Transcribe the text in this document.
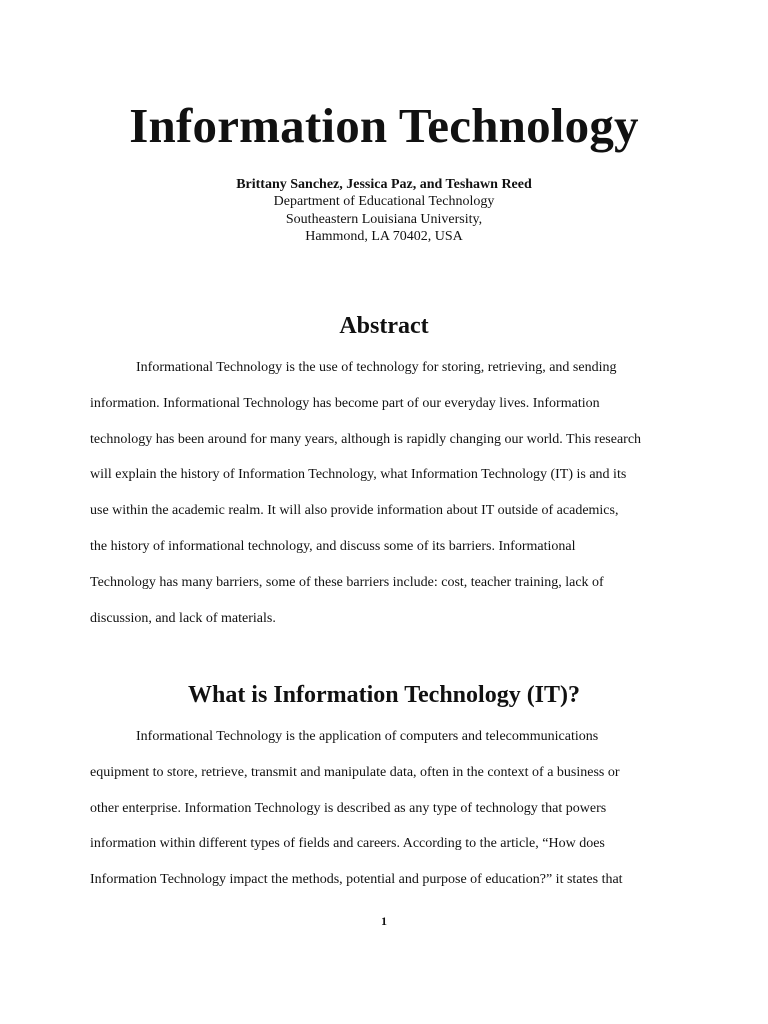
Information Technology
Brittany Sanchez, Jessica Paz, and Teshawn Reed
Department of Educational Technology
Southeastern Louisiana University,
Hammond, LA 70402, USA
Abstract
Informational Technology is the use of technology for storing, retrieving, and sending
information. Informational Technology has become part of our everyday lives. Information
technology has been around for many years, although is rapidly changing our world. This research
will explain the history of Information Technology, what Information Technology (IT) is and its
use within the academic realm. It will also provide information about IT outside of academics,
the history of informational technology, and discuss some of its barriers. Informational
Technology has many barriers, some of these barriers include: cost, teacher training, lack of
discussion, and lack of materials.
What is Information Technology (IT)?
Informational Technology is the application of computers and telecommunications
equipment to store, retrieve, transmit and manipulate data, often in the context of a business or
other enterprise. Information Technology is described as any type of technology that powers
information within different types of fields and careers. According to the article, “How does
Information Technology impact the methods, potential and purpose of education?” it states that
1
